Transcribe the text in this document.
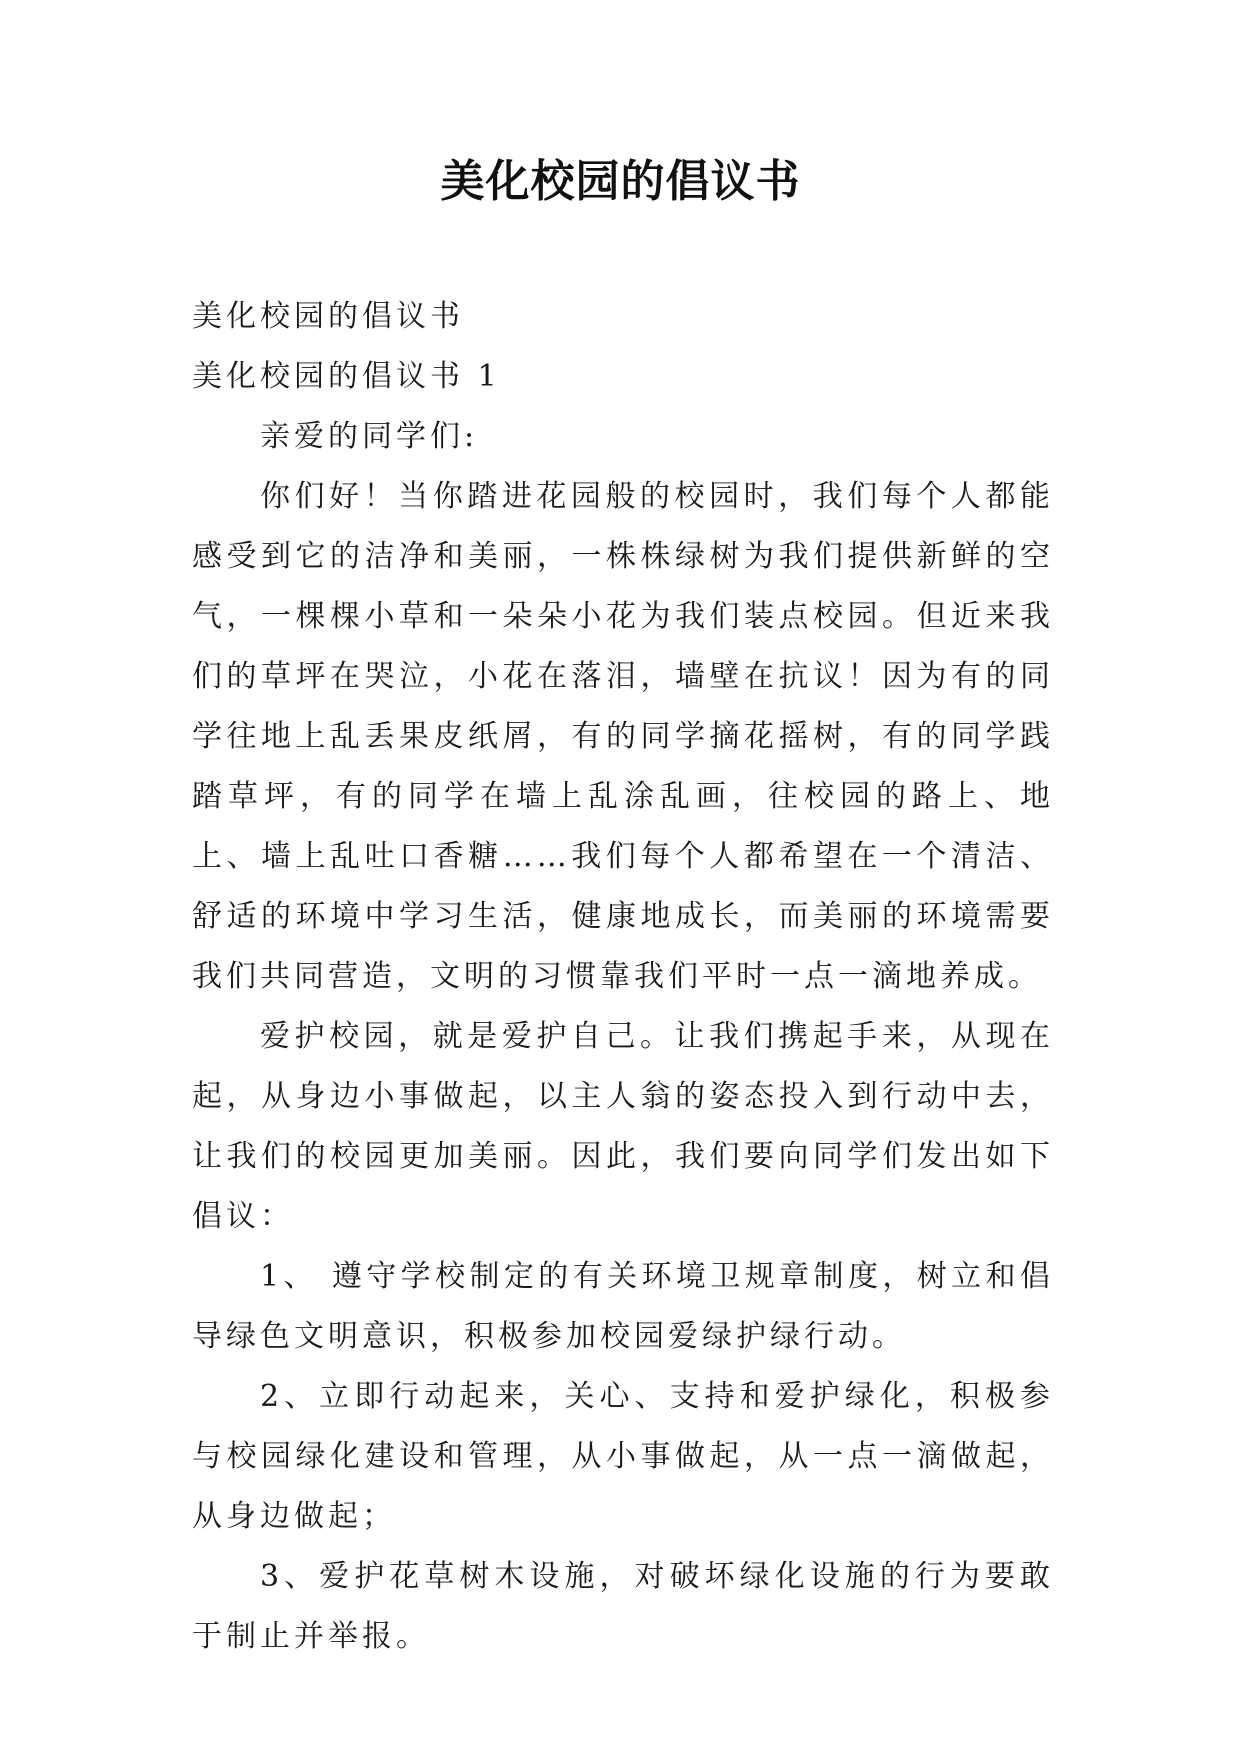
美化校园的倡议书

美化校园的倡议书

美化校园的倡议书 1

亲爱的同学们:

你们好！当你踏进花园般的校园时，我们每个人都能感受到它的洁净和美丽，一株株绿树为我们提供新鲜的空气，一棵棵小草和一朵朵小花为我们装点校园。但近来我们的草坪在哭泣，小花在落泪，墙壁在抗议！因为有的同学往地上乱丢果皮纸屑，有的同学摘花摇树，有的同学践踏草坪，有的同学在墙上乱涂乱画，往校园的路上、地上、墙上乱吐口香糖……我们每个人都希望在一个清洁、舒适的环境中学习生活，健康地成长，而美丽的环境需要我们共同营造，文明的习惯靠我们平时一点一滴地养成。

爱护校园，就是爱护自己。让我们携起手来，从现在起，从身边小事做起，以主人翁的姿态投入到行动中去，让我们的校园更加美丽。因此，我们要向同学们发出如下倡议：

1、 遵守学校制定的有关环境卫规章制度，树立和倡导绿色文明意识，积极参加校园爱绿护绿行动。

2、立即行动起来，关心、支持和爱护绿化，积极参与校园绿化建设和管理，从小事做起，从一点一滴做起，从身边做起；

3、爱护花草树木设施，对破坏绿化设施的行为要敢于制止并举报。
